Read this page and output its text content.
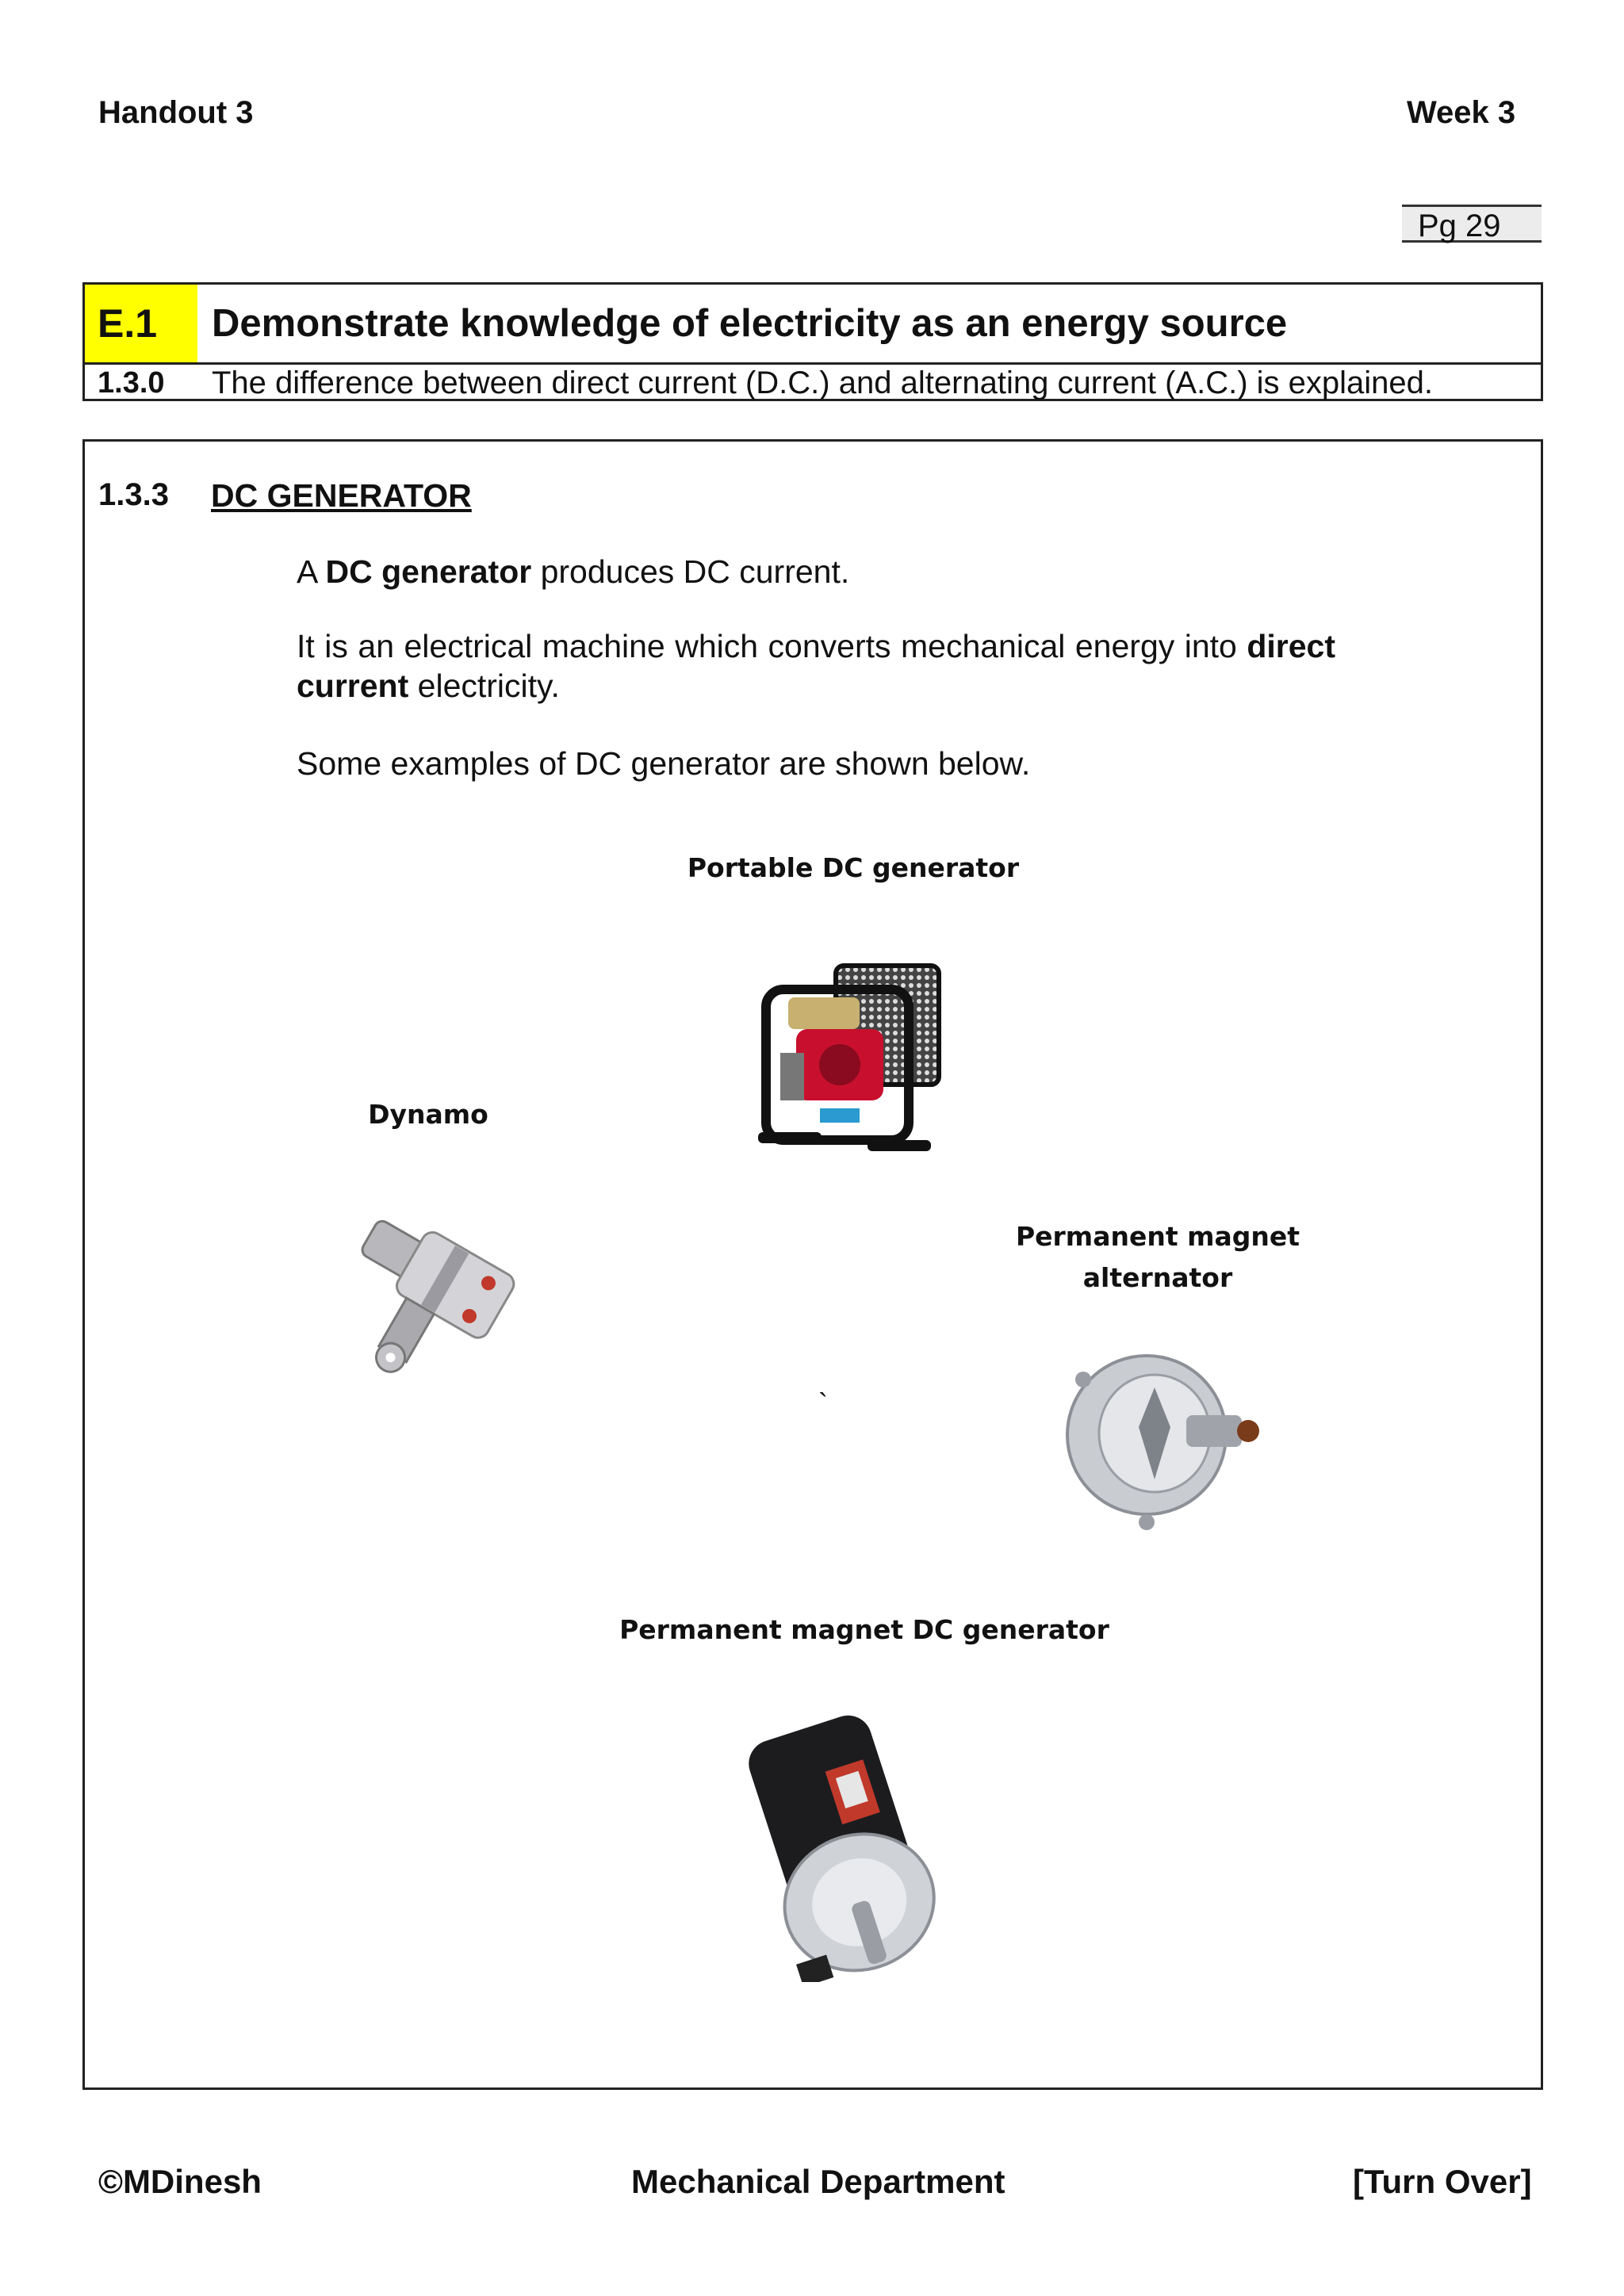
Handout 3	Week 3
Pg 29
E.1	Demonstrate knowledge of electricity as an energy source
1.3.0 The difference between direct current (D.C.) and alternating current (A.C.) is explained.
1.3.3 DC GENERATOR
A DC generator produces DC current.
It is an electrical machine which converts mechanical energy into direct current electricity.
Some examples of DC generator are shown below.
Portable DC generator
Dynamo
Permanent magnet
alternator
`
Permanent magnet DC generator
©MDinesh	Mechanical Department	[Turn Over]
